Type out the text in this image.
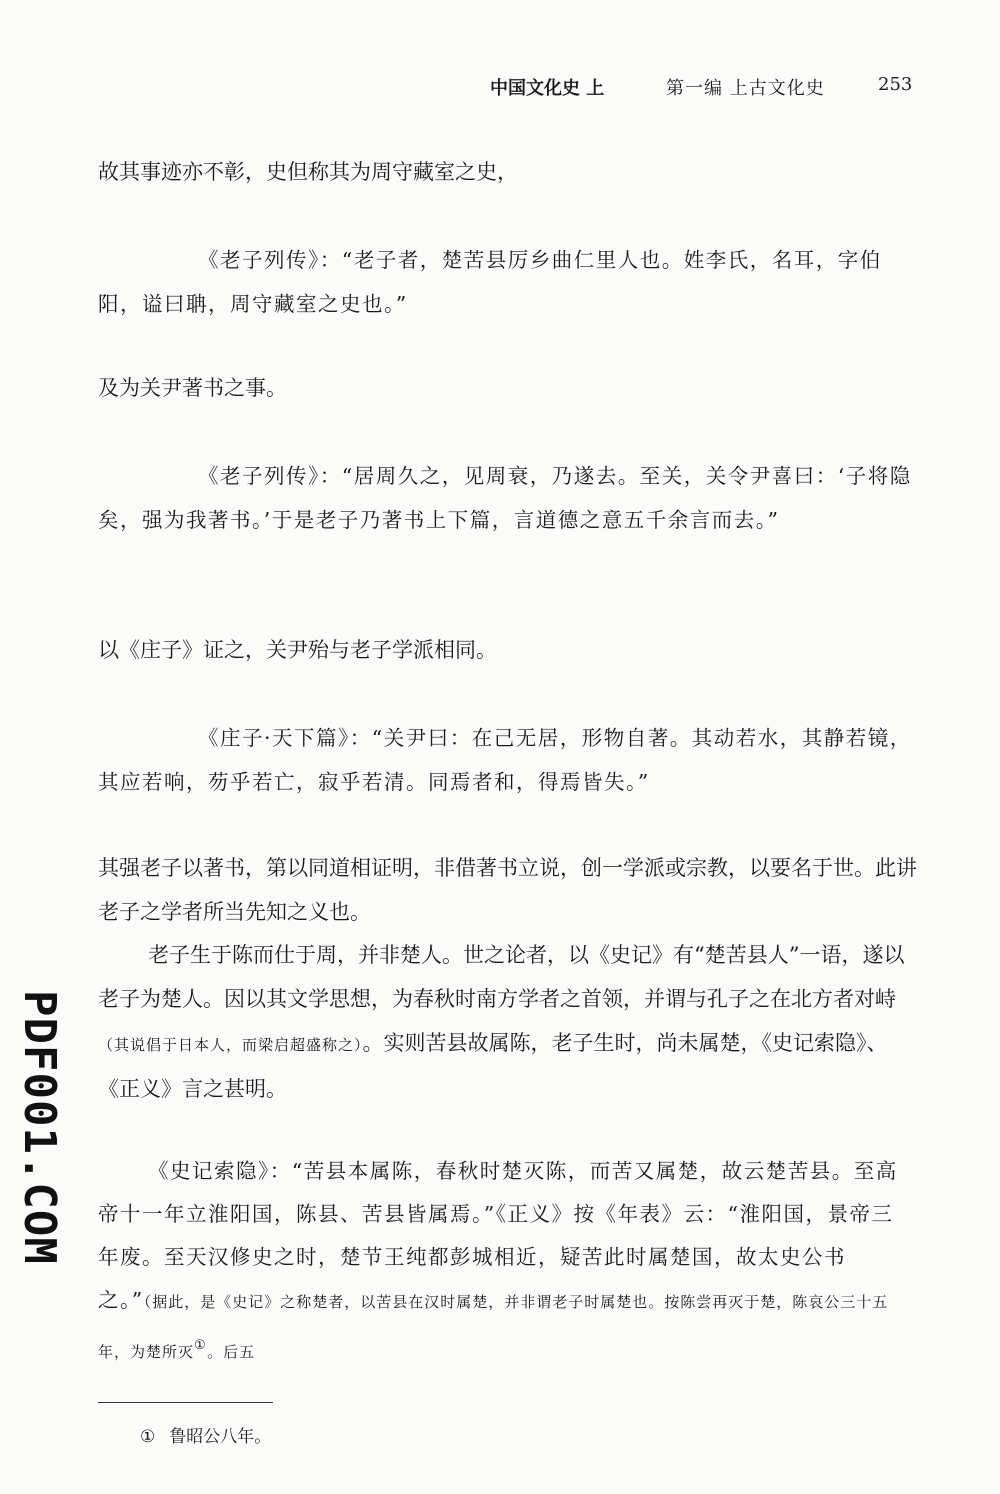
中国文化史 上	第一编 上古文化史	253

故其事迹亦不彰，史但称其为周守藏室之史，

《老子列传》：“老子者，楚苦县厉乡曲仁里人也。姓李氏，名耳，字伯阳，谥曰聃，周守藏室之史也。”

及为关尹著书之事。

《老子列传》：“居周久之，见周衰，乃遂去。至关，关令尹喜曰：‘子将隐矣，强为我著书。’于是老子乃著书上下篇，言道德之意五千余言而去。”

以《庄子》证之，关尹殆与老子学派相同。

《庄子·天下篇》：“关尹曰：在己无居，形物自著。其动若水，其静若镜，其应若响，芴乎若亡，寂乎若清。同焉者和，得焉皆失。”

其强老子以著书，第以同道相证明，非借著书立说，创一学派或宗教，以要名于世。此讲老子之学者所当先知之义也。

老子生于陈而仕于周，并非楚人。世之论者，以《史记》有“楚苦县人”一语，遂以老子为楚人。因以其文学思想，为春秋时南方学者之首领，并谓与孔子之在北方者对峙（其说倡于日本人，而梁启超盛称之）。实则苦县故属陈，老子生时，尚未属楚，《史记索隐》、《正义》言之甚明。

《史记索隐》：“苦县本属陈，春秋时楚灭陈，而苦又属楚，故云楚苦县。至高帝十一年立淮阳国，陈县、苦县皆属焉。”《正义》按《年表》云：“淮阳国，景帝三年废。至天汉修史之时，楚节王纯都彭城相近，疑苦此时属楚国，故太史公书之。”（据此，是《史记》之称楚者，以苦县在汉时属楚，并非谓老子时属楚也。按陈尝再灭于楚，陈哀公三十五年，为楚所灭①。后五

① 鲁昭公八年。
PDF001.COM
